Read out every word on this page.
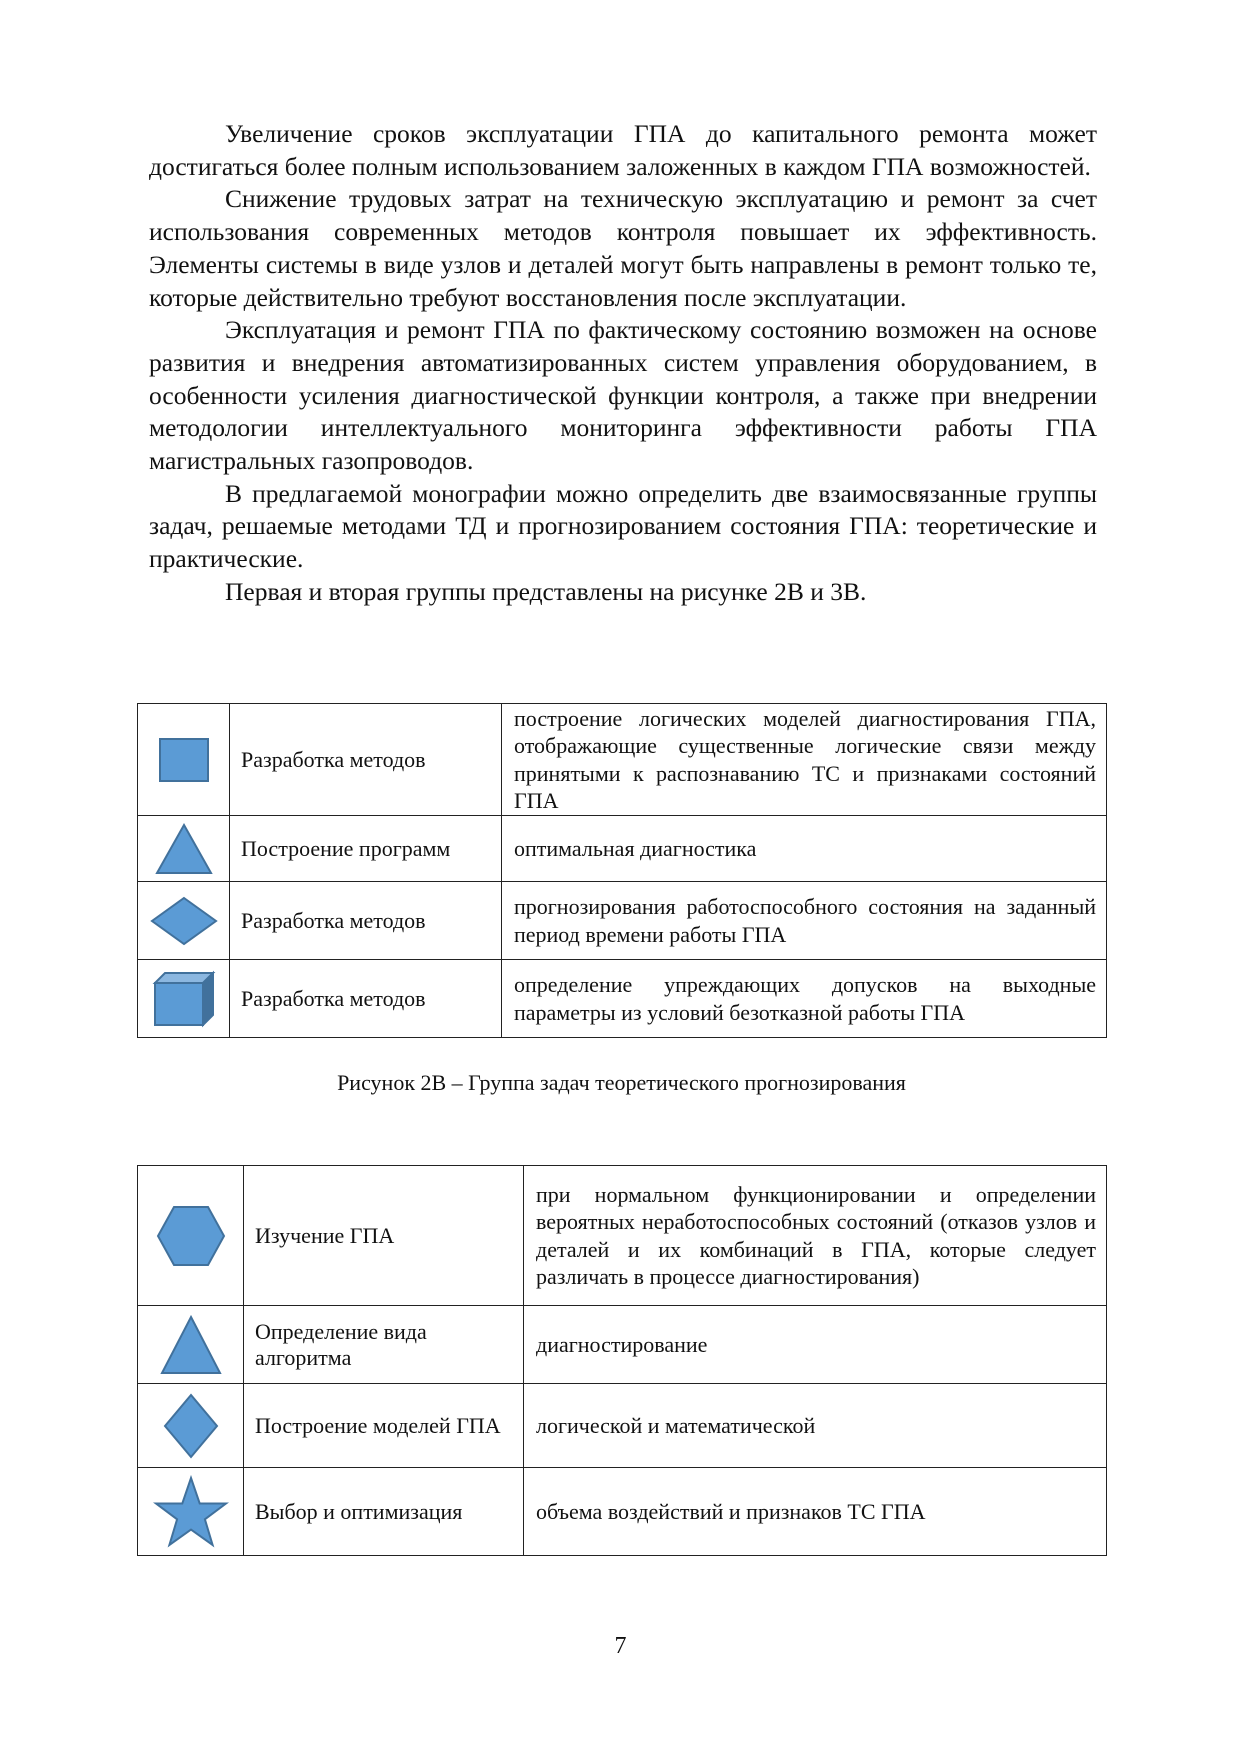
Увеличение сроков эксплуатации ГПА до капитального ремонта может достигаться более полным использованием заложенных в каждом ГПА возможностей.

Снижение трудовых затрат на техническую эксплуатацию и ремонт за счет использования современных методов контроля повышает их эффективность. Элементы системы в виде узлов и деталей могут быть направлены в ремонт только те, которые действительно требуют восстановления после эксплуатации.

Эксплуатация и ремонт ГПА по фактическому состоянию возможен на основе развития и внедрения автоматизированных систем управления оборудованием, в особенности усиления диагностической функции контроля, а также при внедрении методологии интеллектуального мониторинга эффективности работы ГПА магистральных газопроводов.

В предлагаемой монографии можно определить две взаимосвязанные группы задач, решаемые методами ТД и прогнозированием состояния ГПА: теоретические и практические.

Первая и вторая группы представлены на рисунке 2В и 3В.

	Разработка методов	построение логических моделей диагностирования ГПА, отображающие существенные логические связи между принятыми к распознаванию ТС и признаками состояний ГПА
	Построение программ	оптимальная диагностика
	Разработка методов	прогнозирования работоспособного состояния на заданный период времени работы ГПА
	Разработка методов	определение упреждающих допусков на выходные параметры из условий безотказной работы ГПА
Рисунок 2В – Группа задач теоретического прогнозирования
	Изучение ГПА	при нормальном функционировании и определении вероятных неработоспособных состояний (отказов узлов и деталей и их комбинаций в ГПА, которые следует различать в процессе диагностирования)
	Определение вида алгоритма	диагностирование
	Построение моделей ГПА	логической и математической
	Выбор и оптимизация	объема воздействий и признаков ТС ГПА
7
